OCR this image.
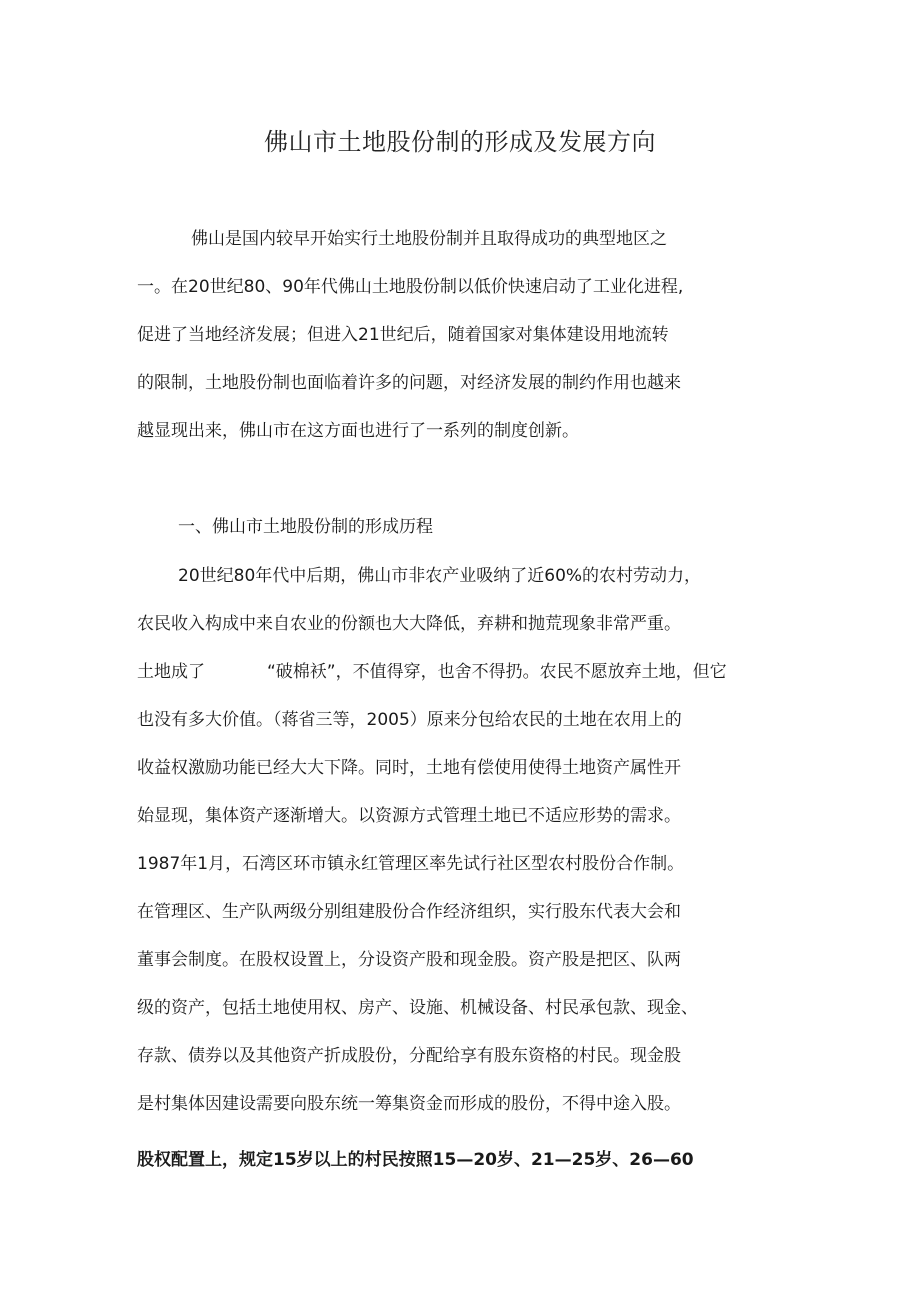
佛山市土地股份制的形成及发展方向
佛山是国内较早开始实行土地股份制并且取得成功的典型地区之
一。在20世纪80、90年代佛山土地股份制以低价快速启动了工业化进程,
促进了当地经济发展；但进入21世纪后，随着国家对集体建设用地流转
的限制，土地股份制也面临着许多的问题，对经济发展的制约作用也越来
越显现出来，佛山市在这方面也进行了一系列的制度创新。
一、佛山市土地股份制的形成历程
20世纪80年代中后期，佛山市非农产业吸纳了近60%的农村劳动力，
农民收入构成中来自农业的份额也大大降低，弃耕和抛荒现象非常严重。
土地成了	“破棉袄”，不值得穿，也舍不得扔。农民不愿放弃土地，但它
也没有多大价值。（蒋省三等，2005）原来分包给农民的土地在农用上的
收益权激励功能已经大大下降。同时，土地有偿使用使得土地资产属性开
始显现，集体资产逐渐增大。以资源方式管理土地已不适应形势的需求。
1987年1月，石湾区环市镇永红管理区率先试行社区型农村股份合作制。
在管理区、生产队两级分别组建股份合作经济组织，实行股东代表大会和
董事会制度。在股权设置上，分设资产股和现金股。资产股是把区、队两
级的资产，包括土地使用权、房产、设施、机械设备、村民承包款、现金、
存款、债券以及其他资产折成股份，分配给享有股东资格的村民。现金股
是村集体因建设需要向股东统一筹集资金而形成的股份，不得中途入股。
股权配置上，规定15岁以上的村民按照15—20岁、21—25岁、26—60
